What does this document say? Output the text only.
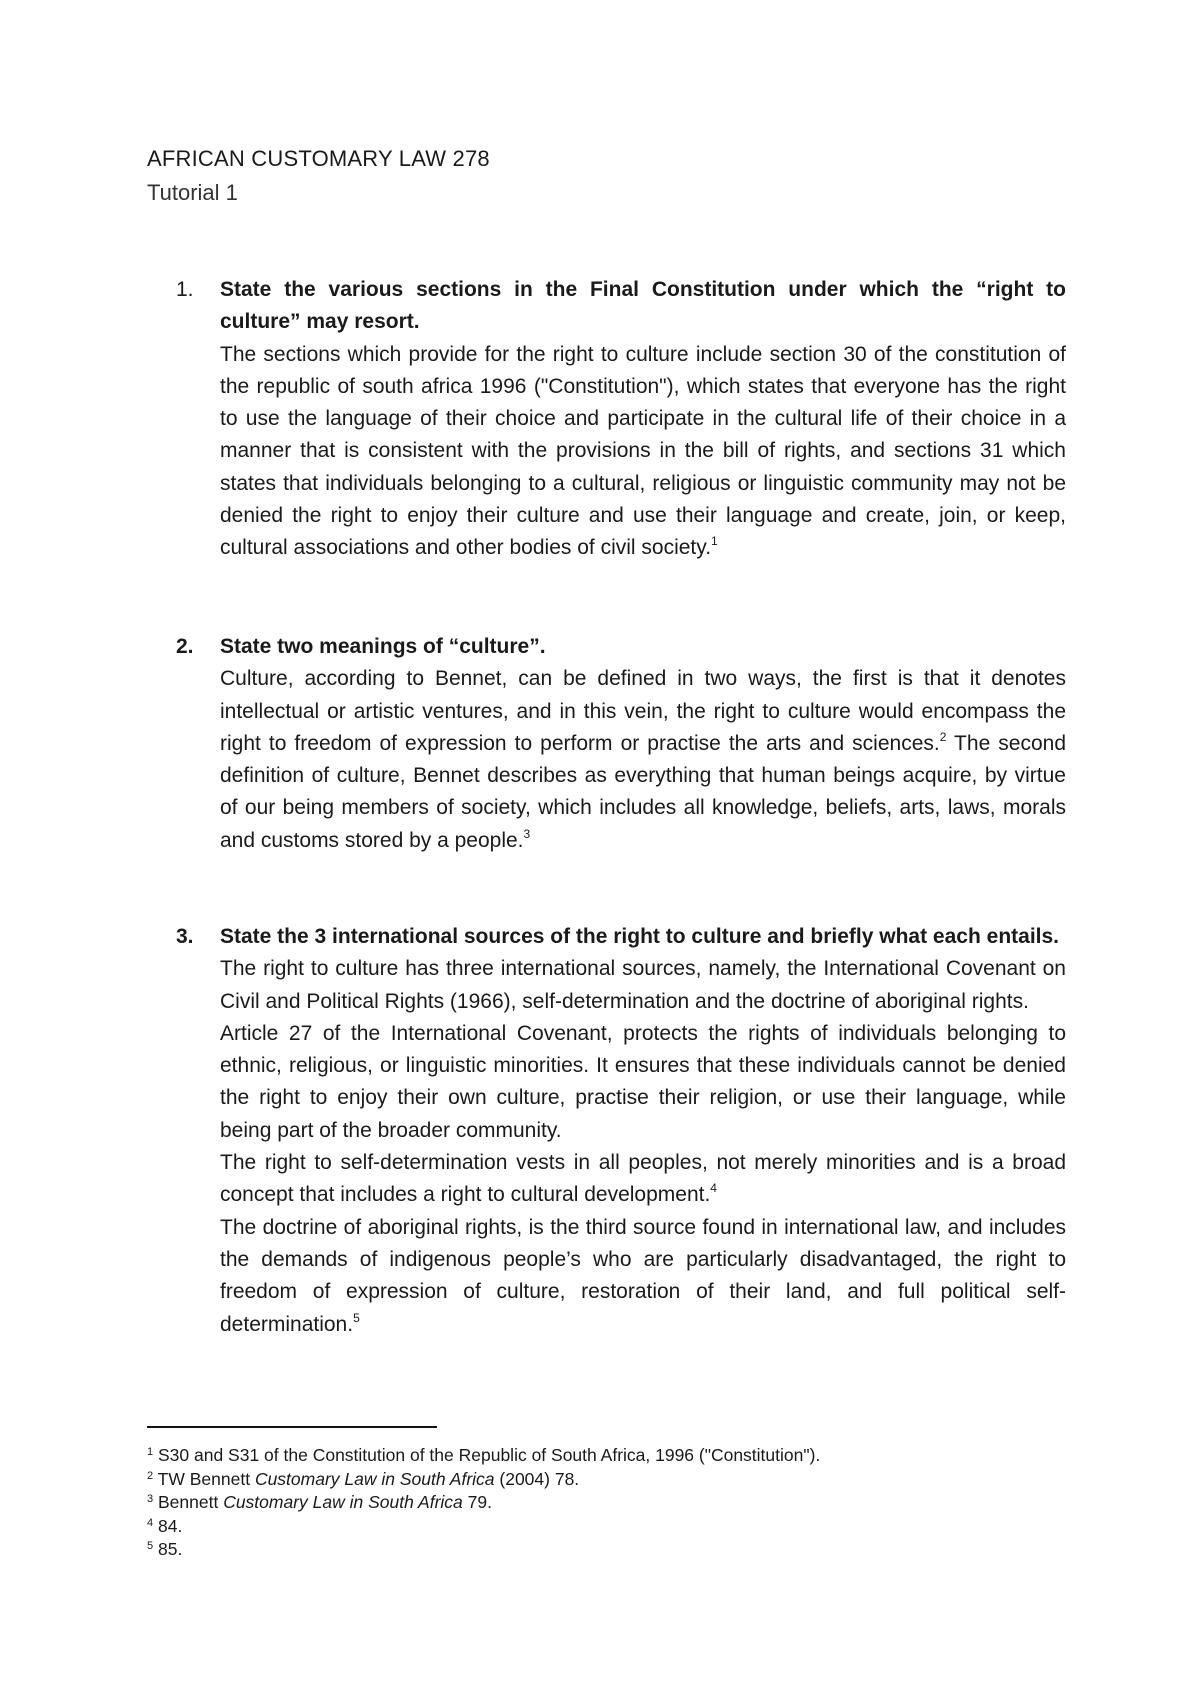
AFRICAN CUSTOMARY LAW 278
Tutorial 1
1.	State the various sections in the Final Constitution under which the “right to culture” may resort.

The sections which provide for the right to culture include section 30 of the constitution of the republic of south africa 1996 ("Constitution"), which states that everyone has the right to use the language of their choice and participate in the cultural life of their choice in a manner that is consistent with the provisions in the bill of rights, and sections 31 which states that individuals belonging to a cultural, religious or linguistic community may not be denied the right to enjoy their culture and use their language and create, join, or keep, cultural associations and other bodies of civil society.$^1$

2.	State two meanings of “culture”.

Culture, according to Bennet, can be defined in two ways, the first is that it denotes intellectual or artistic ventures, and in this vein, the right to culture would encompass the right to freedom of expression to perform or practise the arts and sciences.$^2$ The second definition of culture, Bennet describes as everything that human beings acquire, by virtue of our being members of society, which includes all knowledge, beliefs, arts, laws, morals and customs stored by a people.$^3$

3.	State the 3 international sources of the right to culture and briefly what each entails.

The right to culture has three international sources, namely, the International Covenant on Civil and Political Rights (1966), self-determination and the doctrine of aboriginal rights.

Article 27 of the International Covenant, protects the rights of individuals belonging to ethnic, religious, or linguistic minorities. It ensures that these individuals cannot be denied the right to enjoy their own culture, practise their religion, or use their language, while being part of the broader community.

The right to self-determination vests in all peoples, not merely minorities and is a broad concept that includes a right to cultural development.$^4$

The doctrine of aboriginal rights, is the third source found in international law, and includes the demands of indigenous people’s who are particularly disadvantaged, the right to freedom of expression of culture, restoration of their land, and full political self-determination.$^5$

$^1$ S30 and S31 of the Constitution of the Republic of South Africa, 1996 ("Constitution").
$^2$ TW Bennett Customary Law in South Africa (2004) 78.
$^3$ Bennett Customary Law in South Africa 79.
$^4$ 84.
$^5$ 85.
